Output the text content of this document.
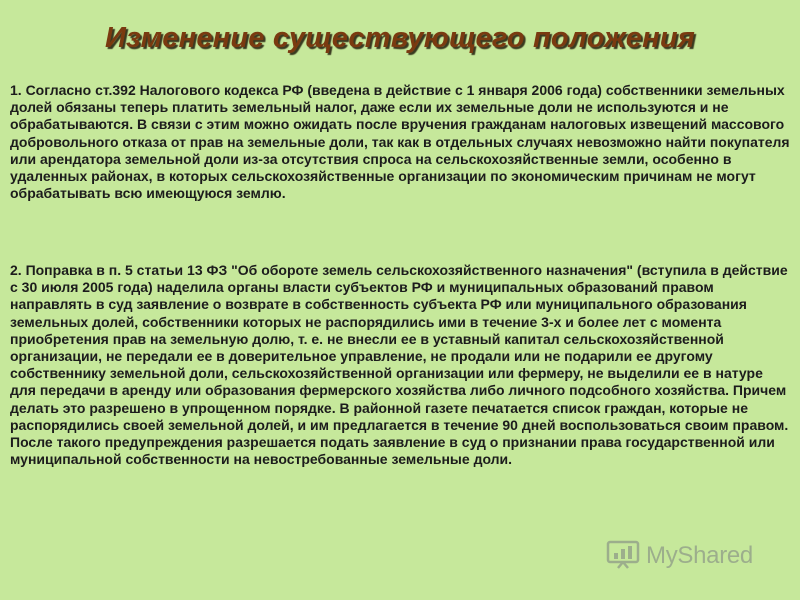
Изменение существующего положения

1. Согласно ст.392 Налогового кодекса РФ (введена в действие с 1 января 2006 года) собственники земельных долей обязаны теперь платить земельный налог, даже если их земельные доли не используются и не обрабатываются. В связи с этим можно ожидать после вручения гражданам налоговых извещений массового добровольного отказа от прав на земельные доли, так как в отдельных случаях невозможно найти покупателя или арендатора земельной доли из-за отсутствия спроса на сельскохозяйственные земли, особенно в удаленных районах, в которых сельскохозяйственные организации по экономическим причинам не могут обрабатывать всю имеющуюся землю.

2. Поправка в п. 5 статьи 13 ФЗ "Об обороте земель сельскохозяйственного назначения" (вступила в действие с 30 июля 2005 года) наделила органы власти субъектов РФ и муниципальных образований правом направлять в суд заявление о возврате в собственность субъекта РФ или муниципального образования земельных долей, собственники которых не распорядились ими в течение 3-х и более лет с момента приобретения прав на земельную долю, т. е. не внесли ее в уставный капитал сельскохозяйственной организации, не передали ее в доверительное управление, не продали или не подарили ее другому собственнику земельной доли, сельскохозяйственной организации или фермеру, не выделили ее в натуре для передачи в аренду или образования фермерского хозяйства либо личного подсобного хозяйства. Причем делать это разрешено в упрощенном порядке. В районной газете печатается список граждан, которые не распорядились своей земельной долей, и им предлагается в течение 90 дней воспользоваться своим правом. После такого предупреждения разрешается подать заявление в суд о признании права государственной или муниципальной собственности на невостребованные земельные доли.

MyShared
